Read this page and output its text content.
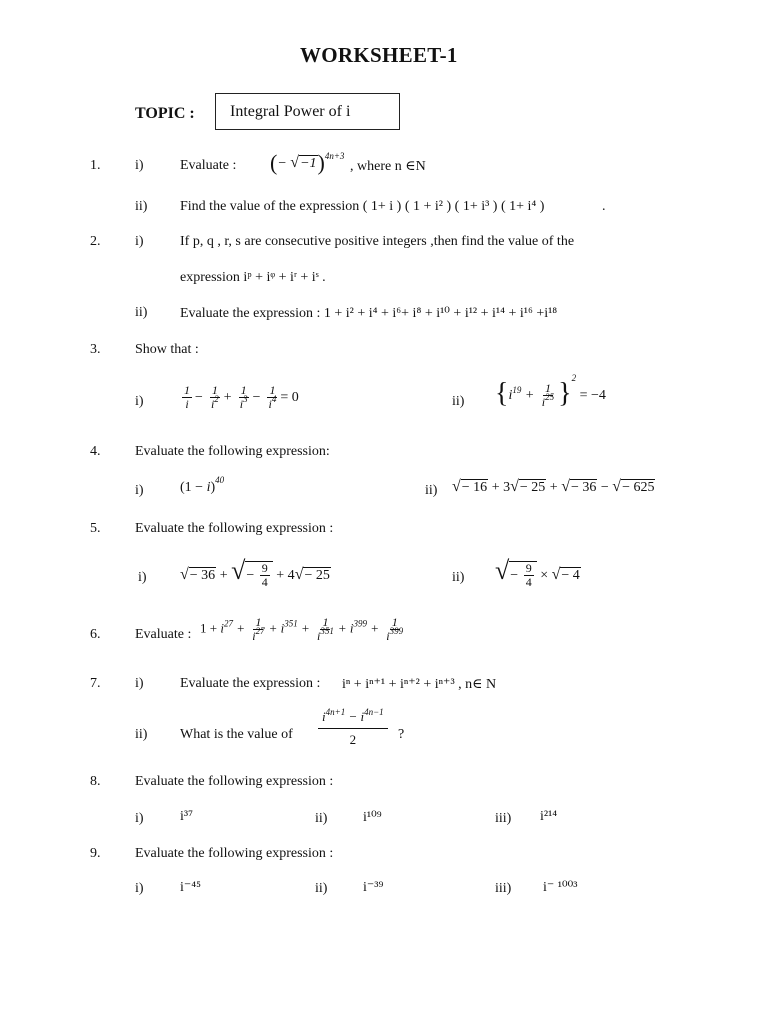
WORKSHEET-1
TOPIC :	Integral Power of i
1. i)	Evaluate : (− √−1)$^{4n+3}$
, where n ∈N
ii) Find the value of the expression ( 1+ i ) ( 1 + i² ) ( 1+ i³ ) ( 1+ i⁴ )	.
2. i)	If p, q , r, s are consecutive positive integers ,then find the value of the
expression iᵖ + iᵠ + iʳ + iˢ .
ii) Evaluate the expression : 1 + i² + i⁴ + i⁶+ i⁸ + i¹⁰ + i¹² + i¹⁴ + i¹⁶ +i¹⁸
3. Show that :
i)	$\frac{1}{i} - \frac{1}{i^2} + \frac{1}{i^3} - \frac{1}{i^4} = 0$	ii) $\{i^{19} + \frac{1}{i^{25}} \}^2 = -4$
4. Evaluate the following expression:
i)	$(1 - i)^{40}$
ii) √− 16 + 3√− 25 + √− 36 − √− 625
5. Evaluate the following expression :
i) √− 36 + √− $\frac{9}{4} + 4√- 25$	ii) √− $\frac{9}{4}$ × √− 4
6. Evaluate : $1 + i^{27} + \frac{1}{i^{27}} + i^{351} + \frac{1}{i^{351}} + i^{399} + \frac{1}{i^{399}}$
7. i)	Evaluate the expression : iⁿ + iⁿ⁺¹ + iⁿ⁺² + iⁿ⁺³ , n∈ N
ii) What is the value of $\frac{i^{4n+1} - i^{4n-1}}{2}$ ?
8. Evaluate the following expression :
i)	i³⁷	ii)	i¹⁰⁹	iii) i²¹⁴
9. Evaluate the following expression :
i)	i⁻⁴⁵	ii)	i⁻³⁹	iii) i⁻ ¹⁰⁰³
